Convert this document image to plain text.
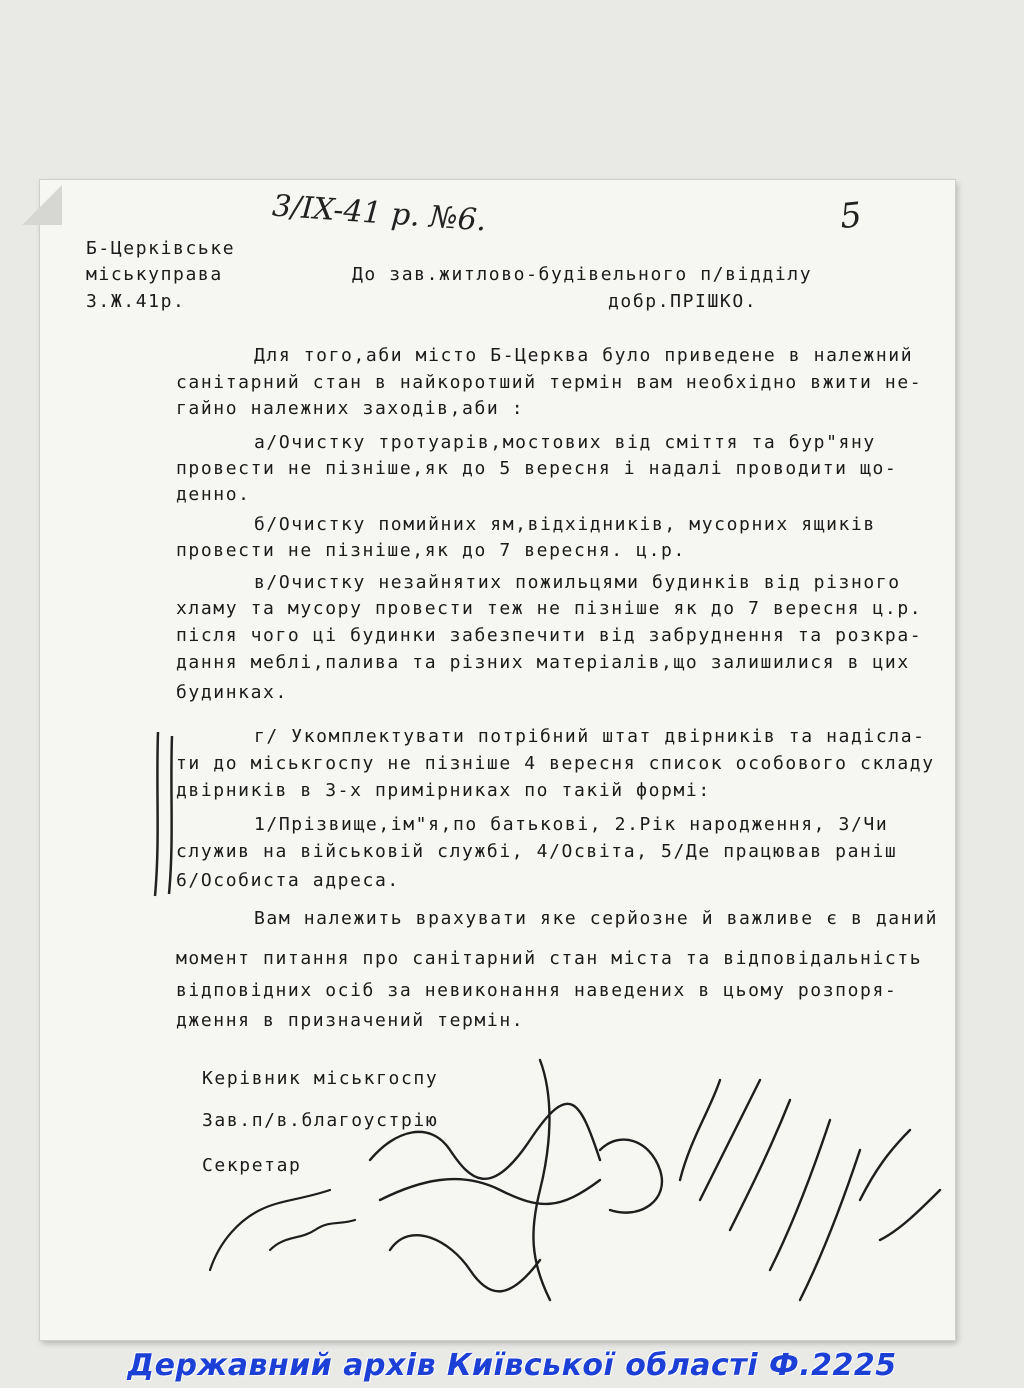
3/IX-41 р. №6.	5
Б-Церківське
міськуправа
3.Ж.41р.
До зав.житлово-будівельного п/відділу
добр.ПРІШКО.
Для того,аби місто Б-Церква було приведене в належний
санітарний стан в найкоротший термін вам необхідно вжити не-
гайно належних заходів,аби :
а/Очистку тротуарів,мостових від сміття та бур"яну
провести не пізніше,як до 5 вересня і надалі проводити що-
денно.
б/Очистку помийних ям,відхідників, мусорних ящиків
провести не пізніше,як до 7 вересня. ц.р.
в/Очистку незайнятих пожильцями будинків від різного
хламу та мусору провести теж не пізніше як до 7 вересня ц.р.
після чого ці будинки забезпечити від забруднення та розкра-
дання меблі,палива та різних матеріалів,що залишилися в цих
будинках.
г/ Укомплектувати потрібний штат двірників та надісла-
ти до міськгоспу не пізніше 4 вересня список особового складу
двірників в 3-х примірниках по такій формі:
1/Прізвище,ім"я,по батькові, 2.Рік народження, 3/Чи
служив на військовій службі, 4/Освіта, 5/Де працював раніш
6/Особиста адреса.
Вам належить врахувати яке серйозне й важливе є в даний
момент питання про санітарний стан міста та відповідальність
відповідних осіб за невиконання наведених в цьому розпоря-
дження в призначений термін.
Керівник міськгоспу
Зав.п/в.благоустрію
Секретар
Державний архів Київської області Ф.2225
